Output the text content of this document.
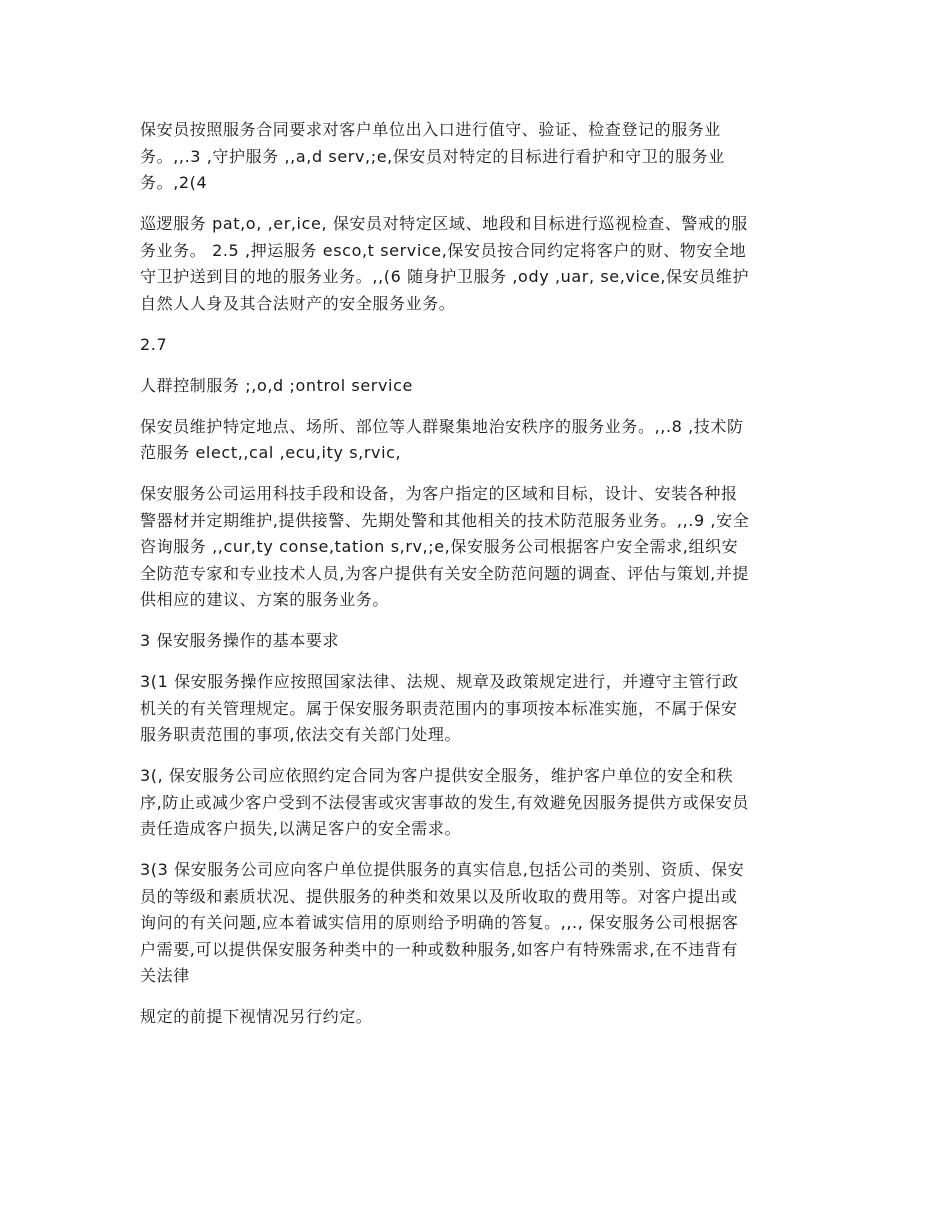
保安员按照服务合同要求对客户单位出入口进行值守、验证、检查登记的服务业
务。,,.3 ,守护服务 ,,a,d serv,;e,保安员对特定的目标进行看护和守卫的服务业
务。,2(4

巡逻服务 pat,o, ,er,ice, 保安员对特定区域、地段和目标进行巡视检查、警戒的服
务业务。 2.5 ,押运服务 esco,t service,保安员按合同约定将客户的财、物安全地
守卫护送到目的地的服务业务。,,(6 随身护卫服务 ,ody ,uar, se,vice,保安员维护
自然人人身及其合法财产的安全服务业务。

2.7

人群控制服务 ;,o,d ;ontrol service

保安员维护特定地点、场所、部位等人群聚集地治安秩序的服务业务。,,.8 ,技术防
范服务 elect,,cal ,ecu,ity s,rvic,

保安服务公司运用科技手段和设备，为客户指定的区域和目标，设计、安装各种报
警器材并定期维护,提供接警、先期处警和其他相关的技术防范服务业务。,,.9 ,安全
咨询服务 ,,cur,ty conse,tation s,rv,;e,保安服务公司根据客户安全需求,组织安
全防范专家和专业技术人员,为客户提供有关安全防范问题的调查、评估与策划,并提
供相应的建议、方案的服务业务。

3 保安服务操作的基本要求

3(1 保安服务操作应按照国家法律、法规、规章及政策规定进行，并遵守主管行政
机关的有关管理规定。属于保安服务职责范围内的事项按本标准实施，不属于保安
服务职责范围的事项,依法交有关部门处理。

3(, 保安服务公司应依照约定合同为客户提供安全服务，维护客户单位的安全和秩
序,防止或减少客户受到不法侵害或灾害事故的发生,有效避免因服务提供方或保安员
责任造成客户损失,以满足客户的安全需求。

3(3 保安服务公司应向客户单位提供服务的真实信息,包括公司的类别、资质、保安
员的等级和素质状况、提供服务的种类和效果以及所收取的费用等。对客户提出或
询问的有关问题,应本着诚实信用的原则给予明确的答复。,,., 保安服务公司根据客
户需要,可以提供保安服务种类中的一种或数种服务,如客户有特殊需求,在不违背有
关法律

规定的前提下视情况另行约定。
